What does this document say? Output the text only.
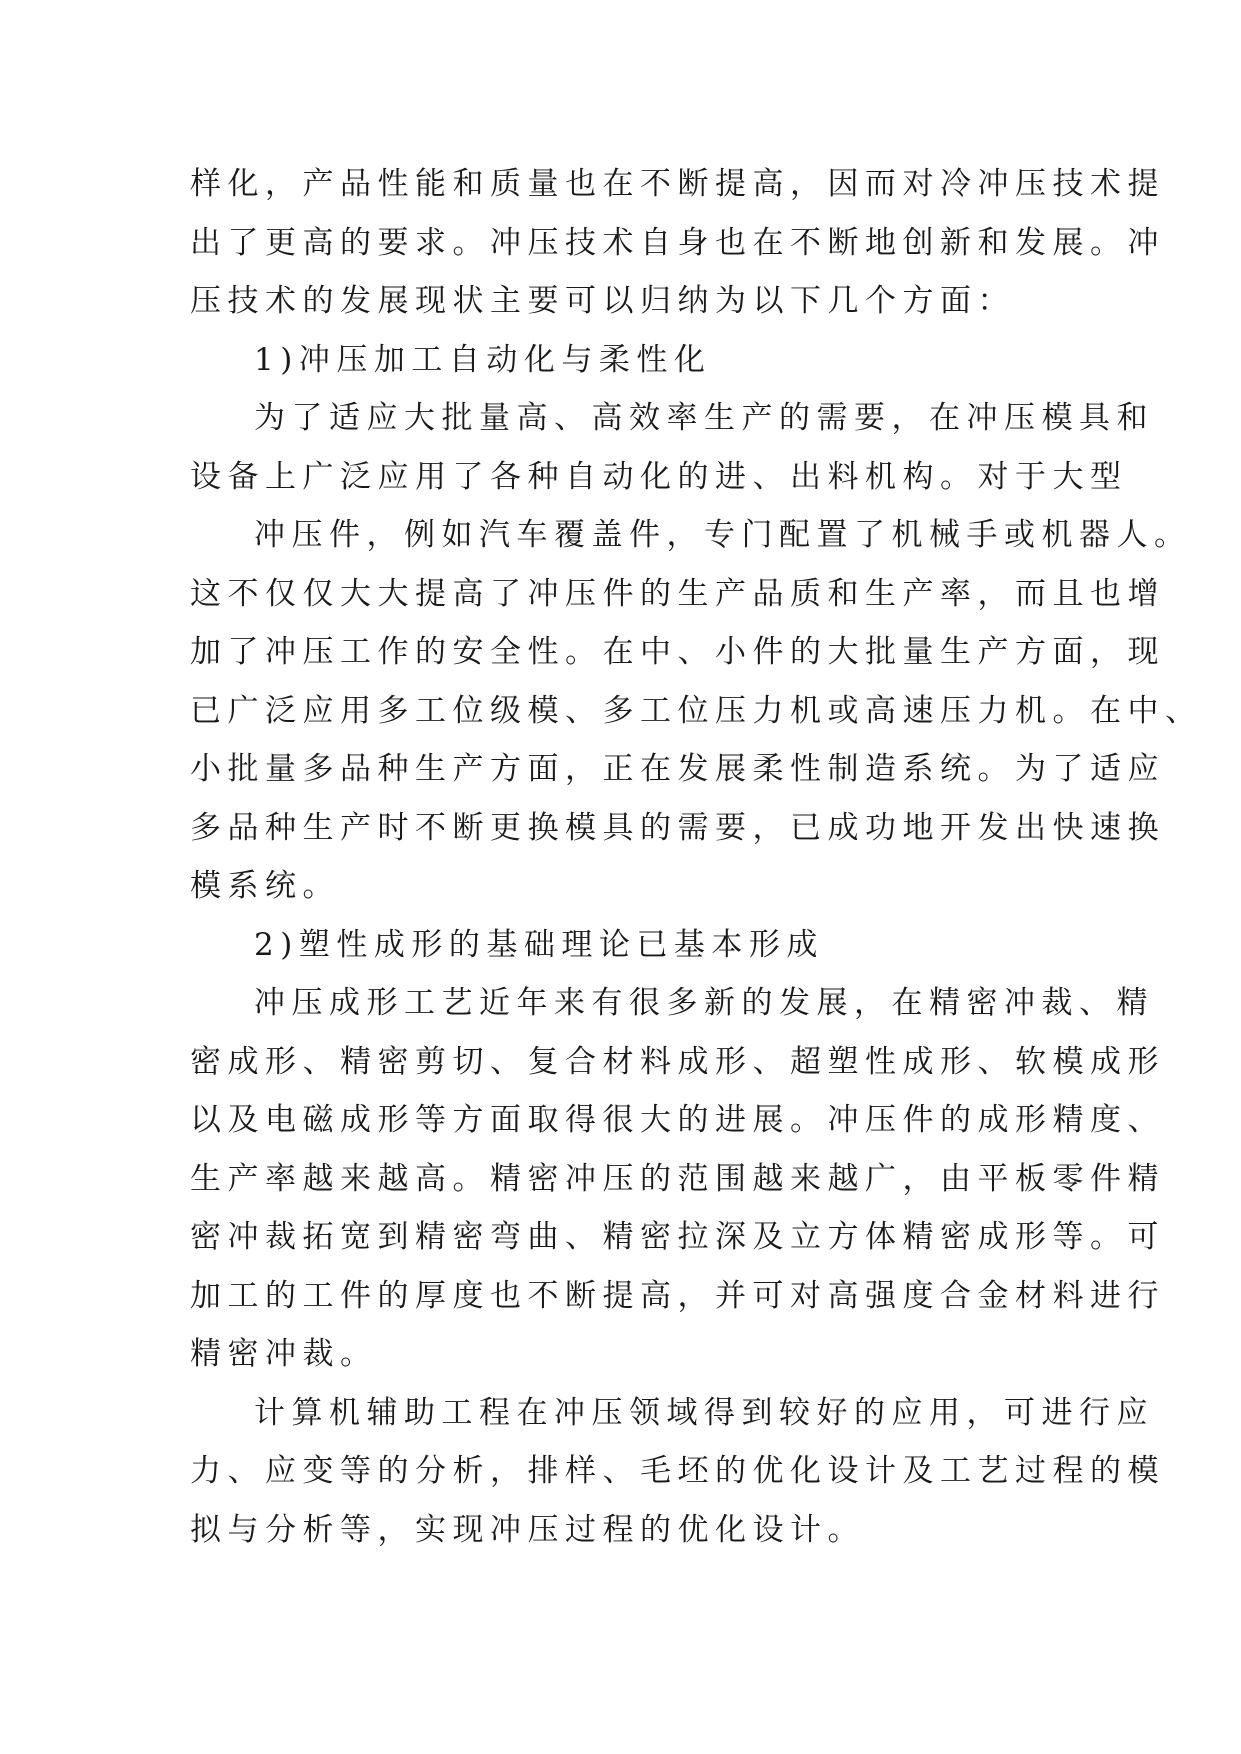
样化，产品性能和质量也在不断提高，因而对冷冲压技术提
出了更高的要求。冲压技术自身也在不断地创新和发展。冲
压技术的发展现状主要可以归纳为以下几个方面：
1)冲压加工自动化与柔性化
为了适应大批量高、高效率生产的需要，在冲压模具和
设备上广泛应用了各种自动化的进、出料机构。对于大型
冲压件，例如汽车覆盖件，专门配置了机械手或机器人。
这不仅仅大大提高了冲压件的生产品质和生产率，而且也增
加了冲压工作的安全性。在中、小件的大批量生产方面，现
已广泛应用多工位级模、多工位压力机或高速压力机。在中、
小批量多品种生产方面，正在发展柔性制造系统。为了适应
多品种生产时不断更换模具的需要，已成功地开发出快速换
模系统。
2)塑性成形的基础理论已基本形成
冲压成形工艺近年来有很多新的发展，在精密冲裁、精
密成形、精密剪切、复合材料成形、超塑性成形、软模成形
以及电磁成形等方面取得很大的进展。冲压件的成形精度、
生产率越来越高。精密冲压的范围越来越广，由平板零件精
密冲裁拓宽到精密弯曲、精密拉深及立方体精密成形等。可
加工的工件的厚度也不断提高，并可对高强度合金材料进行
精密冲裁。
计算机辅助工程在冲压领域得到较好的应用，可进行应
力、应变等的分析，排样、毛坯的优化设计及工艺过程的模
拟与分析等，实现冲压过程的优化设计。
